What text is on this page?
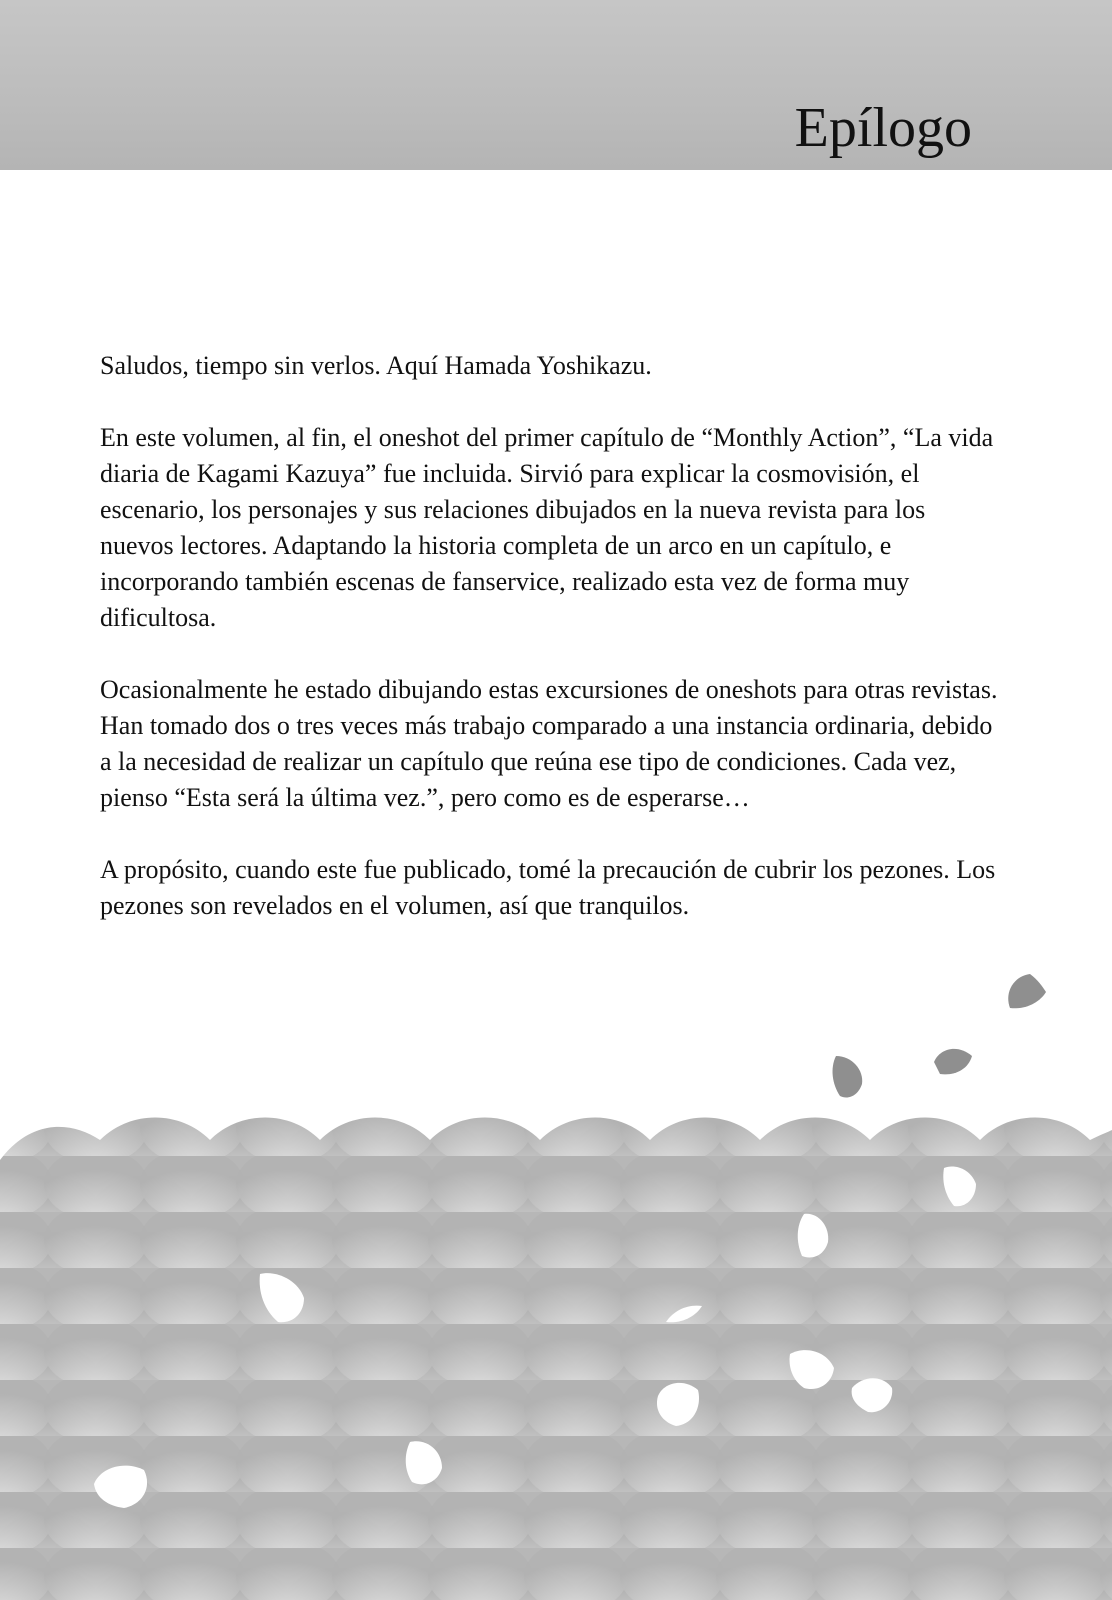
Epílogo

Saludos, tiempo sin verlos. Aquí Hamada Yoshikazu.

En este volumen, al fin, el oneshot del primer capítulo de “Monthly Action”, “La vida diaria de Kagami Kazuya” fue incluida. Sirvió para explicar la cosmovisión, el escenario, los personajes y sus relaciones dibujados en la nueva revista para los nuevos lectores. Adaptando la historia completa de un arco en un capítulo, e incorporando también escenas de fanservice, realizado esta vez de forma muy dificultosa.

Ocasionalmente he estado dibujando estas excursiones de oneshots para otras revistas. Han tomado dos o tres veces más trabajo comparado a una instancia ordinaria, debido a la necesidad de realizar un capítulo que reúna ese tipo de condiciones. Cada vez, pienso “Esta será la última vez.”, pero como es de esperarse…

A propósito, cuando este fue publicado, tomé la precaución de cubrir los pezones. Los pezones son revelados en el volumen, así que tranquilos.
